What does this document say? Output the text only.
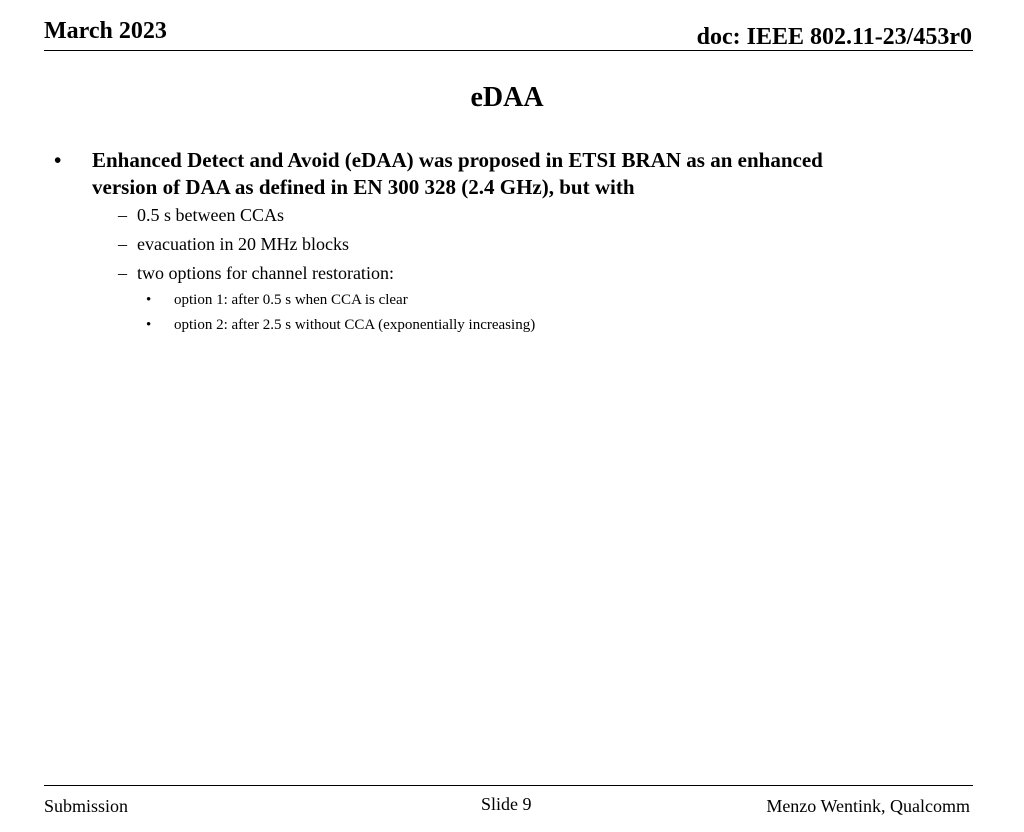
March 2023	doc: IEEE 802.11-23/453r0
eDAA
•	Enhanced Detect and Avoid (eDAA) was proposed in ETSI BRAN as an enhanced
version of DAA as defined in EN 300 328 (2.4 GHz), but with
– 0.5 s between CCAs
– evacuation in 20 MHz blocks
– two options for channel restoration:
•	option 1: after 0.5 s when CCA is clear
•	option 2: after 2.5 s without CCA (exponentially increasing)
Submission	Slide 9	Menzo Wentink, Qualcomm
